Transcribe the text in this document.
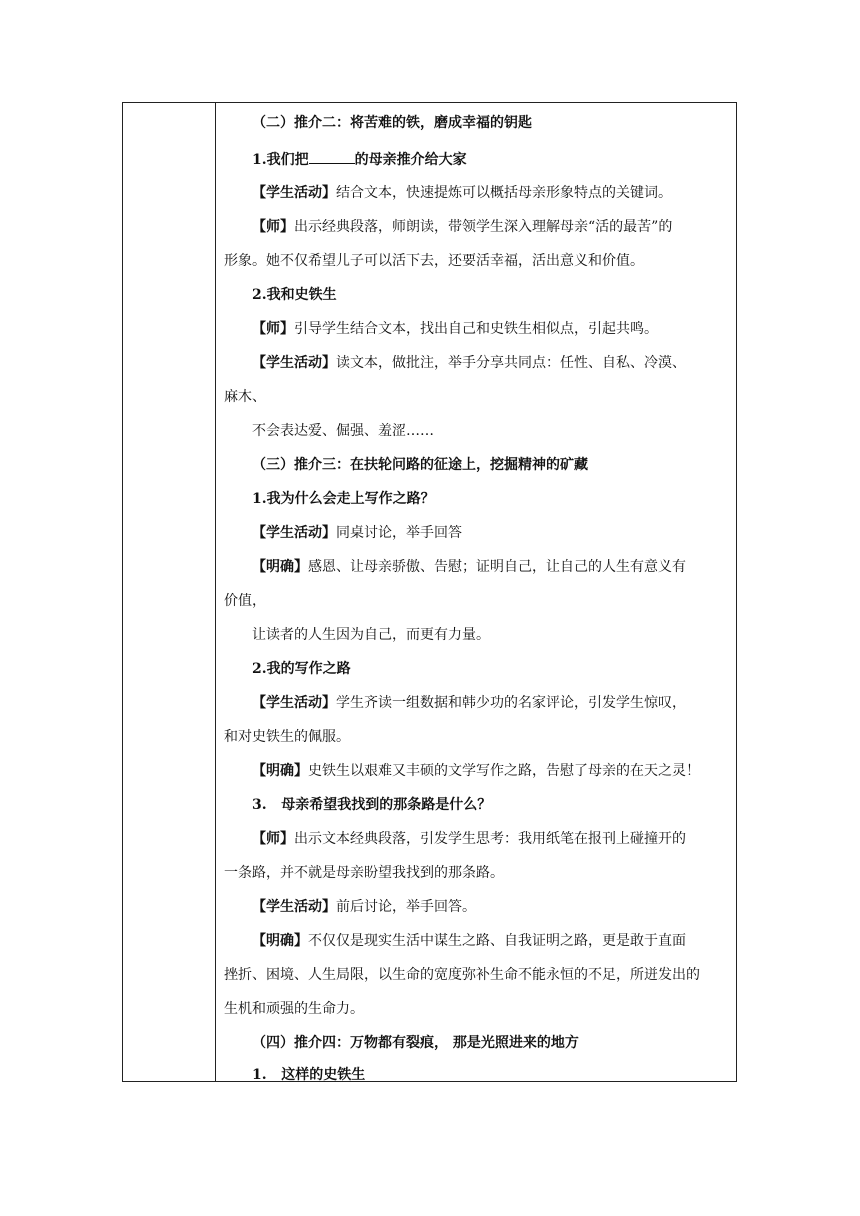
（二）推介二：将苦难的铁，磨成幸福的钥匙
1.我们把	的母亲推介给大家
【学生活动】结合文本，快速提炼可以概括母亲形象特点的关键词。
【师】出示经典段落，师朗读，带领学生深入理解母亲“活的最苦”的
形象。她不仅希望儿子可以活下去，还要活幸福，活出意义和价值。
2.我和史铁生
【师】引导学生结合文本，找出自己和史铁生相似点，引起共鸣。
【学生活动】读文本，做批注，举手分享共同点：任性、自私、冷漠、
麻木、
不会表达爱、倔强、羞涩……
（三）推介三：在扶轮问路的征途上，挖掘精神的矿藏
1.我为什么会走上写作之路？
【学生活动】同桌讨论，举手回答
【明确】感恩、让母亲骄傲、告慰；证明自己，让自己的人生有意义有
价值，
让读者的人生因为自己，而更有力量。
2.我的写作之路
【学生活动】学生齐读一组数据和韩少功的名家评论，引发学生惊叹，
和对史铁生的佩服。
【明确】史铁生以艰难又丰硕的文学写作之路，告慰了母亲的在天之灵！
3.   母亲希望我找到的那条路是什么？
【师】出示文本经典段落，引发学生思考：我用纸笔在报刊上碰撞开的
一条路，并不就是母亲盼望我找到的那条路。
【学生活动】前后讨论，举手回答。
【明确】不仅仅是现实生活中谋生之路、自我证明之路，更是敢于直面
挫折、困境、人生局限，以生命的宽度弥补生命不能永恒的不足，所迸发出的
生机和顽强的生命力。
（四）推介四：万物都有裂痕， 那是光照进来的地方
1.   这样的史铁生
